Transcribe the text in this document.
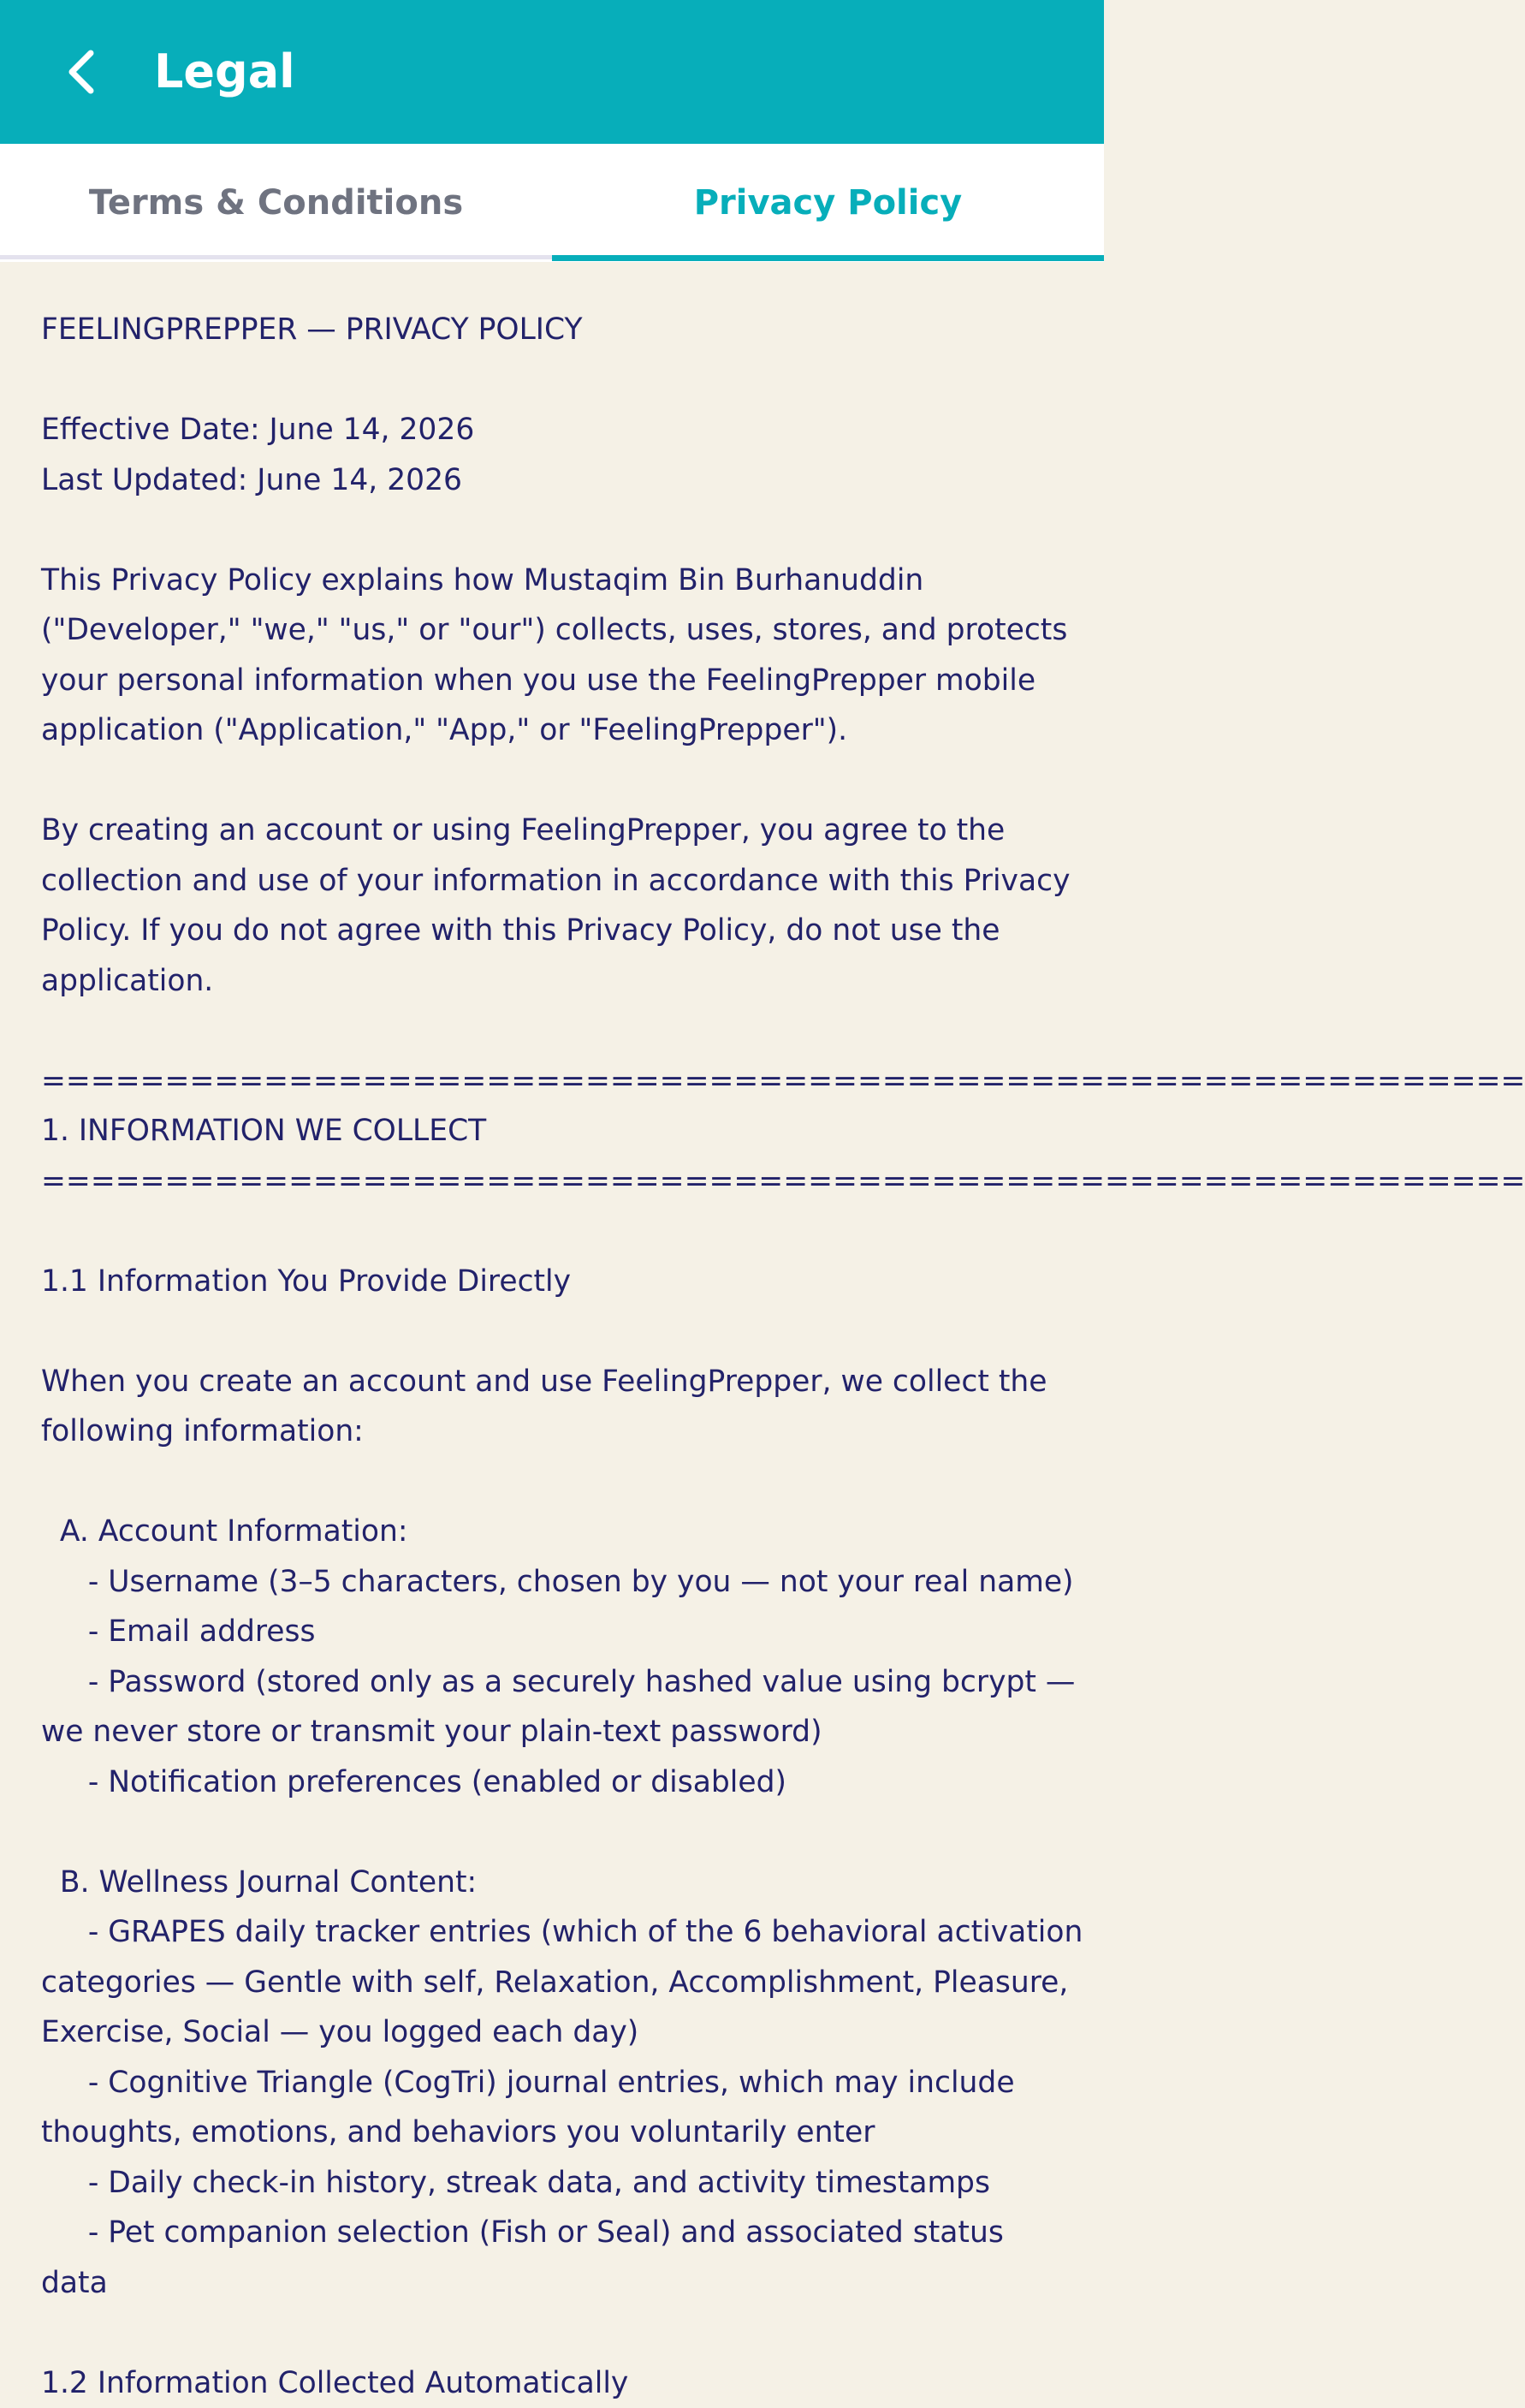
Legal
Terms & Conditions	Privacy Policy
FEELINGPREPPER — PRIVACY POLICY
Effective Date: June 14, 2026
Last Updated: June 14, 2026
This Privacy Policy explains how Mustaqim Bin Burhanuddin
("Developer," "we," "us," or "our") collects, uses, stores, and protects
your personal information when you use the FeelingPrepper mobile
application ("Application," "App," or "FeelingPrepper").
By creating an account or using FeelingPrepper, you agree to the
collection and use of your information in accordance with this Privacy
Policy. If you do not agree with this Privacy Policy, do not use the
application.
============================================================
1. INFORMATION WE COLLECT
============================================================
1.1 Information You Provide Directly
When you create an account and use FeelingPrepper, we collect the
following information:
A. Account Information:
- Username (3–5 characters, chosen by you — not your real name)
- Email address
- Password (stored only as a securely hashed value using bcrypt —
we never store or transmit your plain-text password)
- Notification preferences (enabled or disabled)
B. Wellness Journal Content:
- GRAPES daily tracker entries (which of the 6 behavioral activation
categories — Gentle with self, Relaxation, Accomplishment, Pleasure,
Exercise, Social — you logged each day)
- Cognitive Triangle (CogTri) journal entries, which may include
thoughts, emotions, and behaviors you voluntarily enter
- Daily check-in history, streak data, and activity timestamps
- Pet companion selection (Fish or Seal) and associated status
data
1.2 Information Collected Automatically
